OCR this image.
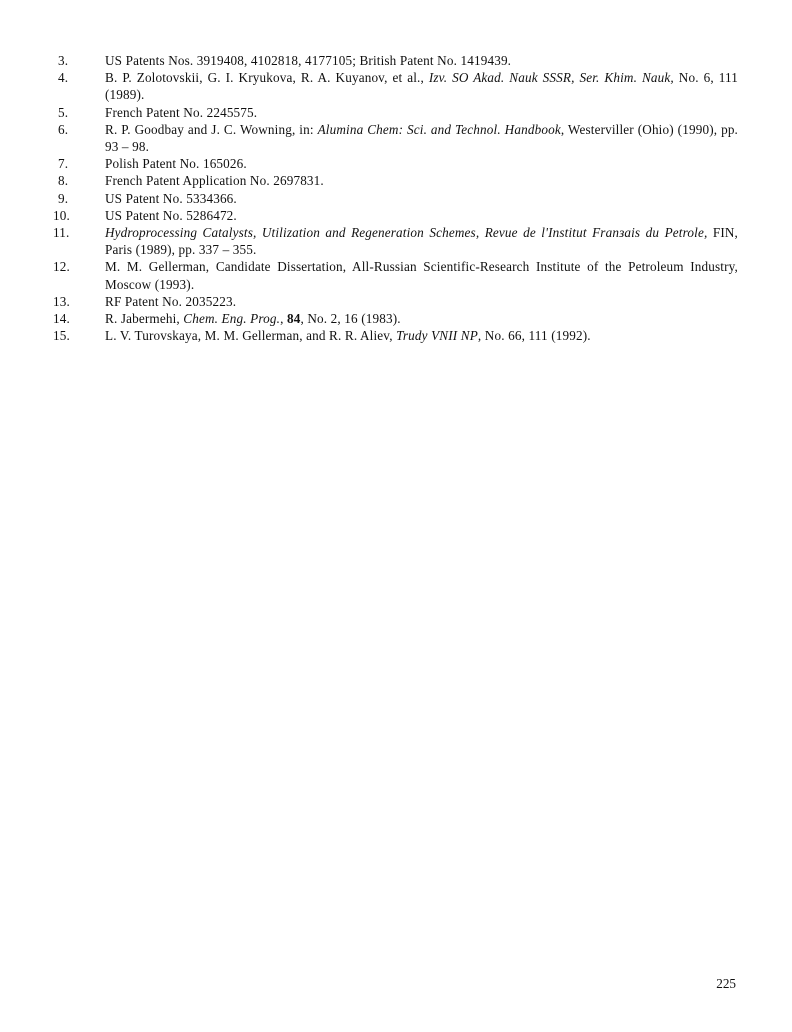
3.	US Patents Nos. 3919408, 4102818, 4177105; British Patent No. 1419439.
4.	B. P. Zolotovskii, G. I. Kryukova, R. A. Kuyanov, et al., Izv. SO Akad. Nauk SSSR, Ser. Khim. Nauk, No. 6, 111 (1989).
5.	French Patent No. 2245575.
6.	R. P. Goodbay and J. C. Wowning, in: Alumina Chem: Sci. and Technol. Handbook, Westerviller (Ohio) (1990), pp. 93 – 98.
7.	Polish Patent No. 165026.
8.	French Patent Application No. 2697831.
9.	US Patent No. 5334366.
10.	US Patent No. 5286472.
11.	Hydroprocessing Catalysts, Utilization and Regeneration Schemes, Revue de l'Institut Franзais du Petrole, FIN, Paris (1989), pp. 337 – 355.
12.	M. M. Gellerman, Candidate Dissertation, All-Russian Scientific-Research Institute of the Petroleum Industry, Moscow (1993).
13.	RF Patent No. 2035223.
14.	R. Jabermehi, Chem. Eng. Prog., 84, No. 2, 16 (1983).
15.	L. V. Turovskaya, M. M. Gellerman, and R. R. Aliev, Trudy VNII NP, No. 66, 111 (1992).
225
